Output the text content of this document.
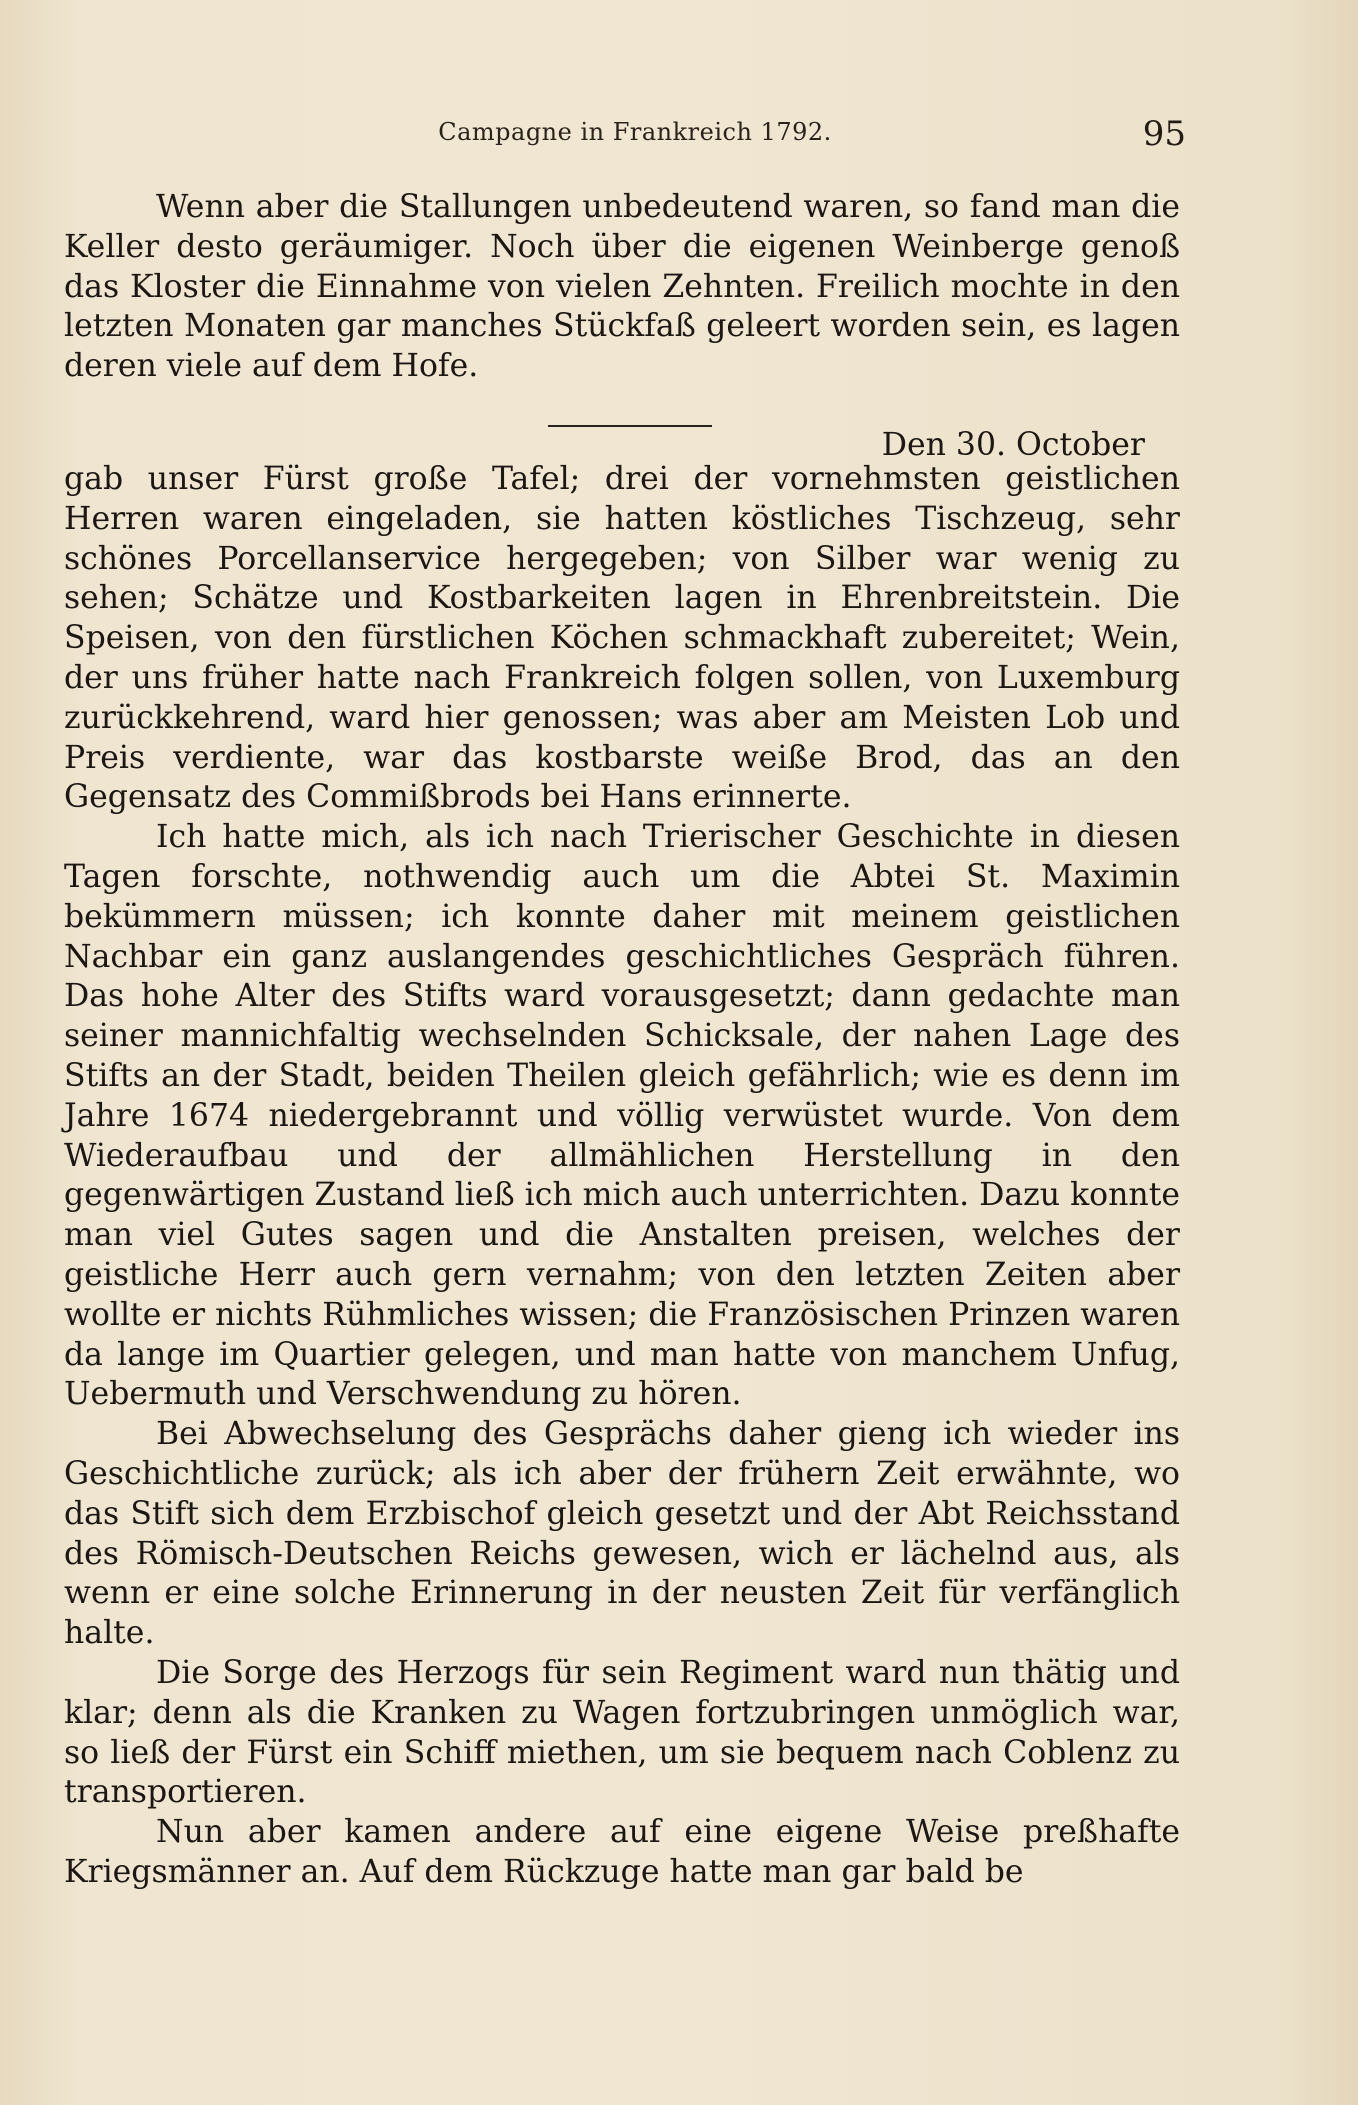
Campagne in Frankreich 1792.	95

Wenn aber die Stallungen unbedeutend waren, so fand man die Keller desto geräumiger. Noch über die eigenen Weinberge genoß das Kloster die Einnahme von vielen Zehnten. Freilich mochte in den letzten Monaten gar manches Stückfaß geleert worden sein, es lagen deren viele auf dem Hofe.

Den 30. October

gab unser Fürst große Tafel; drei der vornehmsten geistlichen Herren waren eingeladen, sie hatten köstliches Tischzeug, sehr schönes Porcellanservice hergegeben; von Silber war wenig zu sehen; Schätze und Kostbarkeiten lagen in Ehrenbreitstein. Die Speisen, von den fürstlichen Köchen schmackhaft zubereitet; Wein, der uns früher hatte nach Frankreich folgen sollen, von Luxemburg zurückkehrend, ward hier genossen; was aber am Meisten Lob und Preis verdiente, war das kostbarste weiße Brod, das an den Gegensatz des Commißbrods bei Hans erinnerte.

Ich hatte mich, als ich nach Trierischer Geschichte in diesen Tagen forschte, nothwendig auch um die Abtei St. Maximin bekümmern müssen; ich konnte daher mit meinem geistlichen Nachbar ein ganz auslangendes geschichtliches Gespräch führen. Das hohe Alter des Stifts ward vorausgesetzt; dann gedachte man seiner mannichfaltig wechselnden Schicksale, der nahen Lage des Stifts an der Stadt, beiden Theilen gleich gefährlich; wie es denn im Jahre 1674 niedergebrannt und völlig verwüstet wurde. Von dem Wiederaufbau und der allmählichen Herstellung in den gegenwärtigen Zustand ließ ich mich auch unterrichten. Dazu konnte man viel Gutes sagen und die Anstalten preisen, welches der geistliche Herr auch gern vernahm; von den letzten Zeiten aber wollte er nichts Rühmliches wissen; die Französischen Prinzen waren da lange im Quartier gelegen, und man hatte von manchem Unfug, Uebermuth und Verschwendung zu hören.

Bei Abwechselung des Gesprächs daher gieng ich wieder ins Geschichtliche zurück; als ich aber der frühern Zeit erwähnte, wo das Stift sich dem Erzbischof gleich gesetzt und der Abt Reichsstand des Römisch-Deutschen Reichs gewesen, wich er lächelnd aus, als wenn er eine solche Erinnerung in der neusten Zeit für verfänglich halte.

Die Sorge des Herzogs für sein Regiment ward nun thätig und klar; denn als die Kranken zu Wagen fortzubringen unmöglich war, so ließ der Fürst ein Schiff miethen, um sie bequem nach Coblenz zu transportieren.

Nun aber kamen andere auf eine eigene Weise preßhafte Kriegsmänner an. Auf dem Rückzuge hatte man gar bald be
